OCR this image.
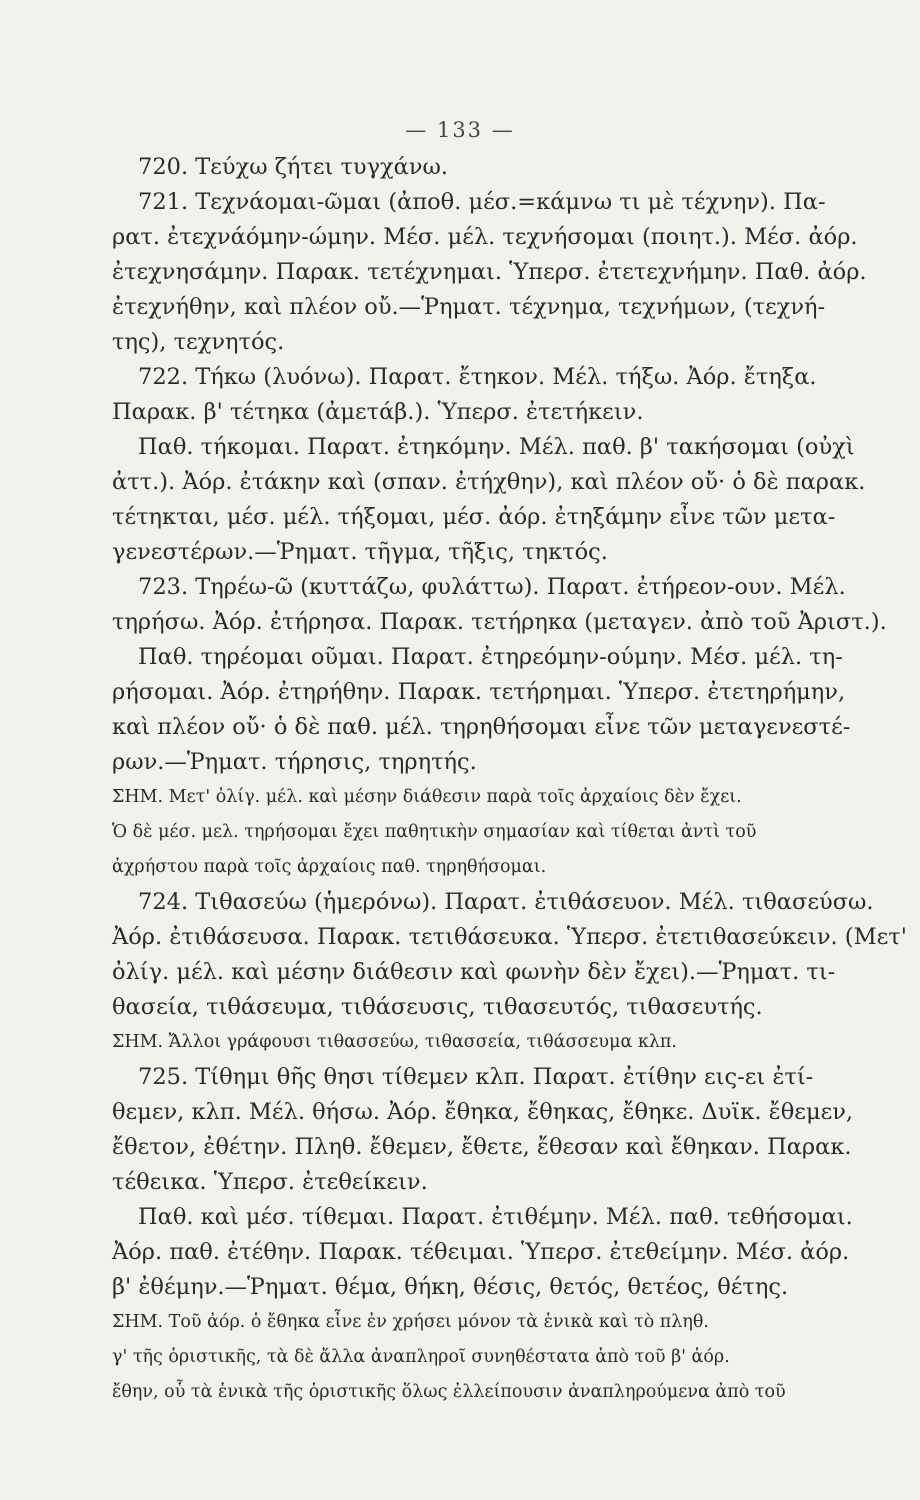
— 133 —
720. Τεύχω ζήτει τυγχάνω.
721. Τεχνάομαι-ῶμαι (ἀποθ. μέσ.=κάμνω τι μὲ τέχνην). Πα-
ρατ. ἐτεχνάόμην-ώμην. Μέσ. μέλ. τεχνήσομαι (ποιητ.). Μέσ. ἀόρ.
ἐτεχνησάμην. Παρακ. τετέχνημαι. Ὑπερσ. ἐτετεχνήμην. Παθ. ἀόρ.
ἐτεχνήθην, καὶ πλέον οὔ.—Ῥηματ. τέχνημα, τεχνήμων, (τεχνή-
της), τεχνητός.
722. Τήκω (λυόνω). Παρατ. ἔτηκον. Μέλ. τήξω. Ἀόρ. ἔτηξα.
Παρακ. β' τέτηκα (ἀμετάβ.). Ὑπερσ. ἐτετήκειν.
Παθ. τήκομαι. Παρατ. ἐτηκόμην. Μέλ. παθ. β' τακήσομαι (οὐχὶ
ἀττ.). Ἀόρ. ἐτάκην καὶ (σπαν. ἐτήχθην), καὶ πλέον οὔ· ὁ δὲ παρακ.
τέτηκται, μέσ. μέλ. τήξομαι, μέσ. ἀόρ. ἐτηξάμην εἶνε τῶν μετα-
γενεστέρων.—Ῥηματ. τῆγμα, τῆξις, τηκτός.
723. Τηρέω-ῶ (κυττάζω, φυλάττω). Παρατ. ἐτήρεον-ουν. Μέλ.
τηρήσω. Ἀόρ. ἐτήρησα. Παρακ. τετήρηκα (μεταγεν. ἀπὸ τοῦ Ἀριστ.).
Παθ. τηρέομαι οῦμαι. Παρατ. ἐτηρεόμην-ούμην. Μέσ. μέλ. τη-
ρήσομαι. Ἀόρ. ἐτηρήθην. Παρακ. τετήρημαι. Ὑπερσ. ἐτετηρήμην,
καὶ πλέον οὔ· ὁ δὲ παθ. μέλ. τηρηθήσομαι εἶνε τῶν μεταγενεστέ-
ρων.—Ῥηματ. τήρησις, τηρητής.
ΣΗΜ. Μετ' ὀλίγ. μέλ. καὶ μέσην διάθεσιν παρὰ τοῖς ἀρχαίοις δὲν ἔχει.
Ὁ δὲ μέσ. μελ. τηρήσομαι ἔχει παθητικὴν σημασίαν καὶ τίθεται ἀντὶ τοῦ
ἀχρήστου παρὰ τοῖς ἀρχαίοις παθ. τηρηθήσομαι.
724. Τιθασεύω (ἡμερόνω). Παρατ. ἐτιθάσευον. Μέλ. τιθασεύσω.
Ἀόρ. ἐτιθάσευσα. Παρακ. τετιθάσευκα. Ὑπερσ. ἐτετιθασεύκειν. (Μετ'
ὀλίγ. μέλ. καὶ μέσην διάθεσιν καὶ φωνὴν δὲν ἔχει).—Ῥηματ. τι-
θασεία, τιθάσευμα, τιθάσευσις, τιθασευτός, τιθασευτής.
ΣΗΜ. Ἄλλοι γράφουσι τιθασσεύω, τιθασσεία, τιθάσσευμα κλπ.
725. Τίθημι θῆς θησι τίθεμεν κλπ. Παρατ. ἐτίθην εις-ει ἐτί-
θεμεν, κλπ. Μέλ. θήσω. Ἀόρ. ἔθηκα, ἔθηκας, ἔθηκε. Δυϊκ. ἔθεμεν,
ἔθετον, ἐθέτην. Πληθ. ἔθεμεν, ἔθετε, ἔθεσαν καὶ ἔθηκαν. Παρακ.
τέθεικα. Ὑπερσ. ἐτεθείκειν.
Παθ. καὶ μέσ. τίθεμαι. Παρατ. ἐτιθέμην. Μέλ. παθ. τεθήσομαι.
Ἀόρ. παθ. ἐτέθην. Παρακ. τέθειμαι. Ὑπερσ. ἐτεθείμην. Μέσ. ἀόρ.
β' ἐθέμην.—Ῥηματ. θέμα, θήκη, θέσις, θετός, θετέος, θέτης.
ΣΗΜ. Τοῦ ἀόρ. ὁ ἔθηκα εἶνε ἐν χρήσει μόνον τὰ ἑνικὰ καὶ τὸ πληθ.
γ' τῆς ὁριστικῆς, τὰ δὲ ἄλλα ἀναπληροῖ συνηθέστατα ἀπὸ τοῦ β' ἀόρ.
ἔθην, οὗ τὰ ἑνικὰ τῆς ὁριστικῆς ὅλως ἐλλείπουσιν ἀναπληρούμενα ἀπὸ τοῦ
